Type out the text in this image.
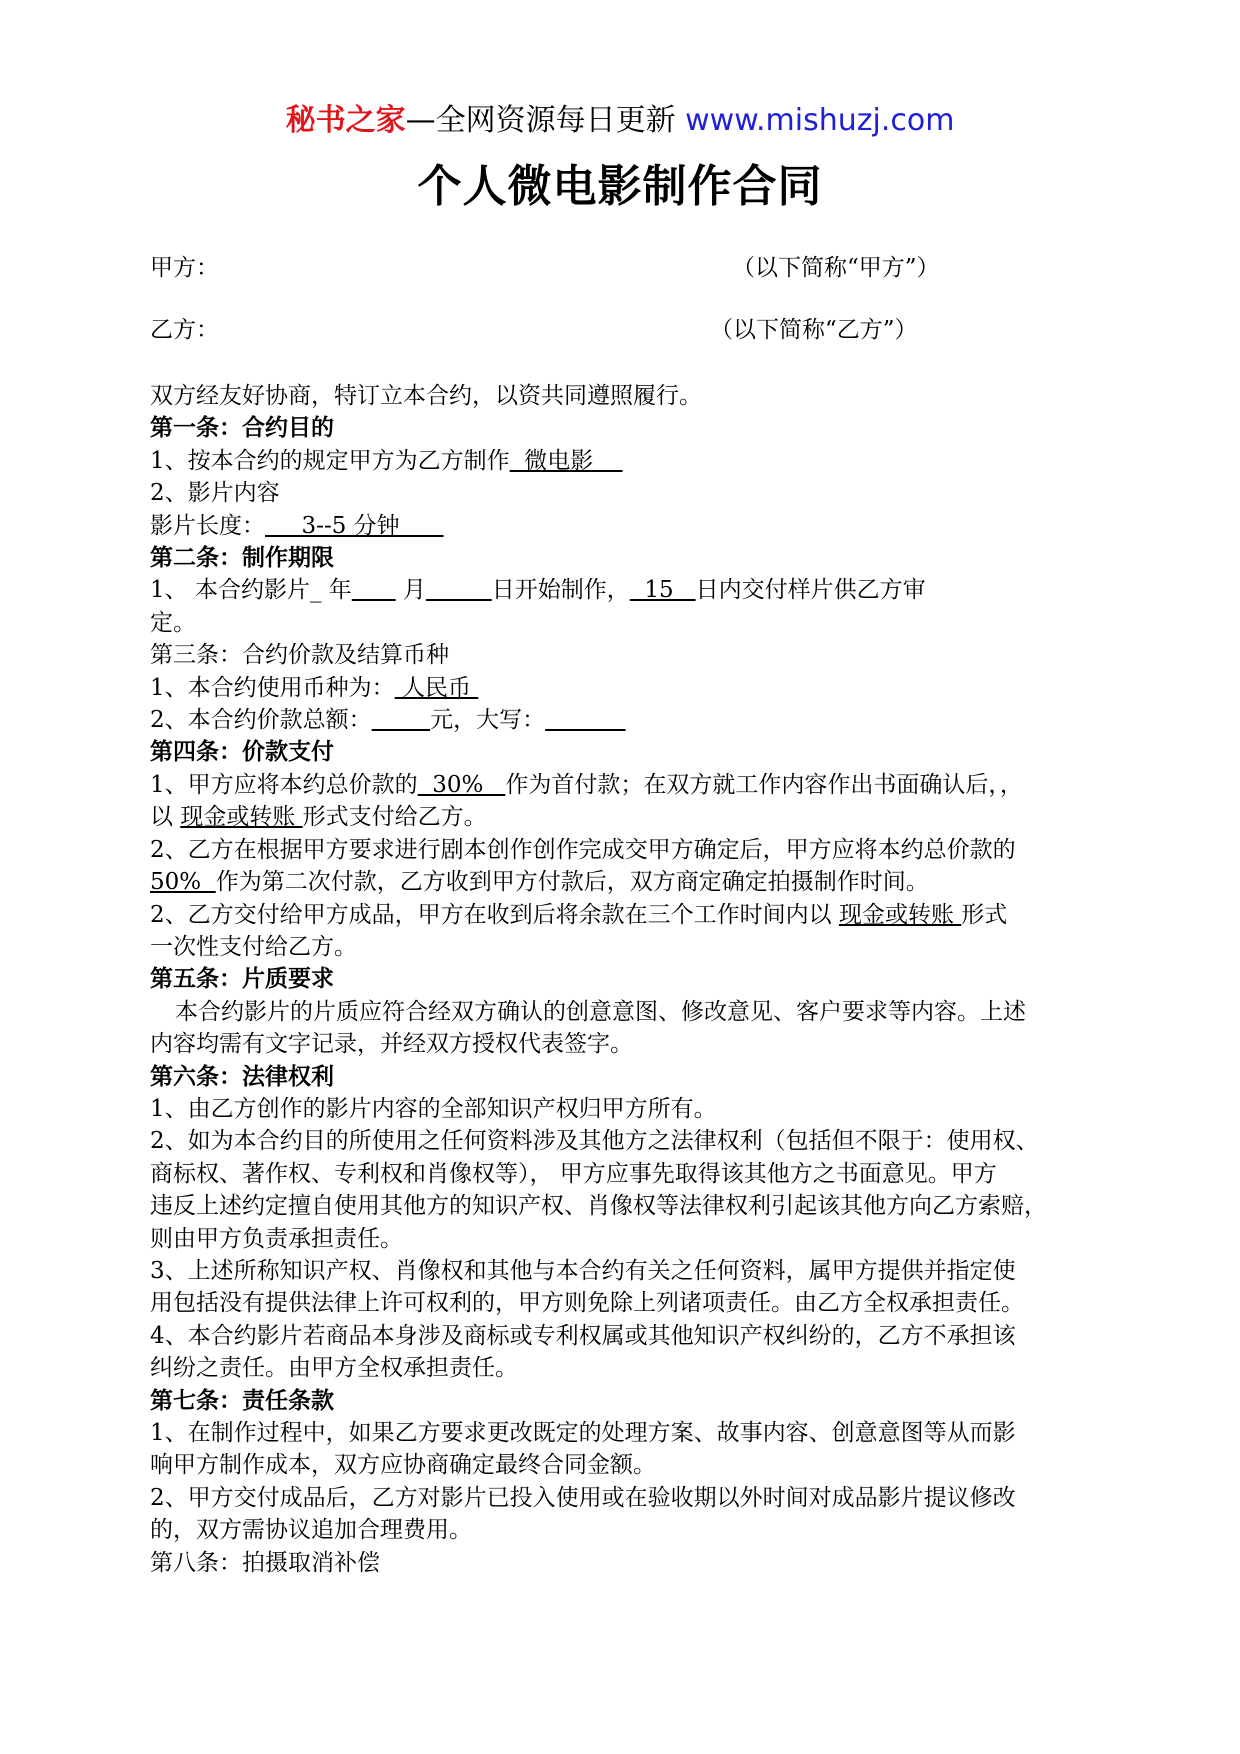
秘书之家—全网资源每日更新 www.mishuzj.com
个人微电影制作合同
甲方：	（以下简称“甲方”）
乙方：	（以下简称“乙方”）

双方经友好协商，特订立本合约，以资共同遵照履行。

第一条：合约目的

1、按本合约的规定甲方为乙方制作  微电影

2、影片内容

影片长度：     3--5 分钟

第二条：制作期限

1、 本合约影片_ 年       月	日开始制作，  15   日内交付样片供乙方审

定。

第三条：合约价款及结算币种

1、本合约使用币种为： 人民币

2、本合约价款总额：	元，大写：

第四条：价款支付

1、甲方应将本约总价款的  30%   作为首付款；在双方就工作内容作出书面确认后，，

以 现金或转账 形式支付给乙方。

2、乙方在根据甲方要求进行剧本创作创作完成交甲方确定后，甲方应将本约总价款的

50%  作为第二次付款，乙方收到甲方付款后，双方商定确定拍摄制作时间。

2、乙方交付给甲方成品，甲方在收到后将余款在三个工作时间内以 现金或转账 形式

一次性支付给乙方。

第五条：片质要求

本合约影片的片质应符合经双方确认的创意意图、修改意见、客户要求等内容。上述

内容均需有文字记录，并经双方授权代表签字。

第六条：法律权利

1、由乙方创作的影片内容的全部知识产权归甲方所有。

2、如为本合约目的所使用之任何资料涉及其他方之法律权利（包括但不限于：使用权、

商标权、著作权、专利权和肖像权等）， 甲方应事先取得该其他方之书面意见。甲方

违反上述约定擅自使用其他方的知识产权、肖像权等法律权利引起该其他方向乙方索赔，

则由甲方负责承担责任。

3、上述所称知识产权、肖像权和其他与本合约有关之任何资料，属甲方提供并指定使

用包括没有提供法律上许可权利的，甲方则免除上列诸项责任。由乙方全权承担责任。

4、本合约影片若商品本身涉及商标或专利权属或其他知识产权纠纷的，乙方不承担该

纠纷之责任。由甲方全权承担责任。

第七条：责任条款

1、在制作过程中，如果乙方要求更改既定的处理方案、故事内容、创意意图等从而影

响甲方制作成本，双方应协商确定最终合同金额。

2、甲方交付成品后，乙方对影片已投入使用或在验收期以外时间对成品影片提议修改

的，双方需协议追加合理费用。

第八条：拍摄取消补偿
